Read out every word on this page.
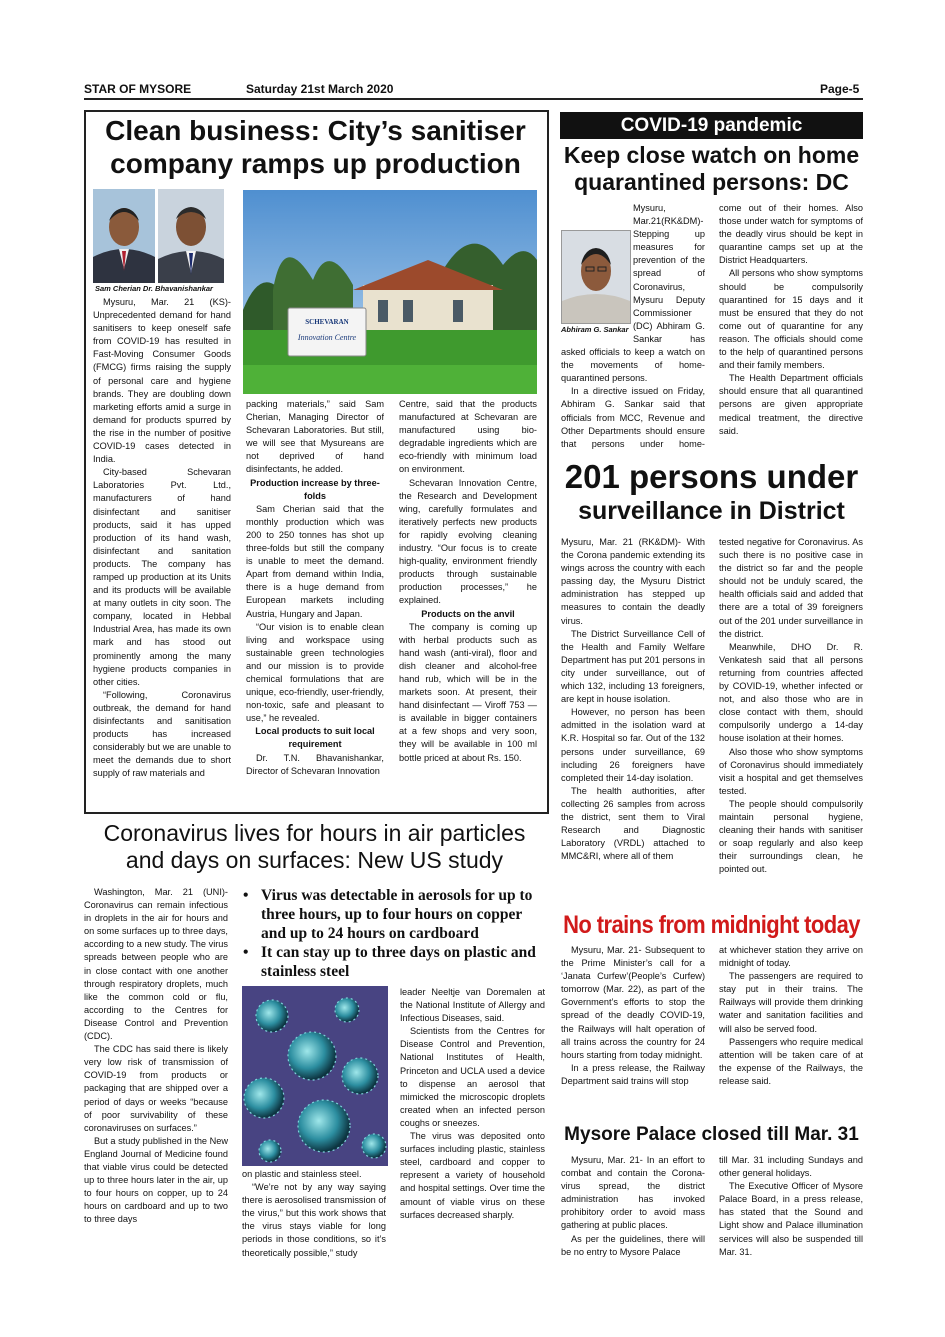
STAR OF MYSORE	Saturday 21st March 2020	Page-5
Clean business: City’s sanitiser
company ramps up production
Sam Cherian Dr. Bhavanishankar
SCHEVARAN
Innovation Centre

Mysuru, Mar. 21 (KS)- Unprecedented demand for hand sanitisers to keep oneself safe from COVID-19 has resulted in Fast-Moving Consumer Goods (FMCG) firms raising the supply of personal care and hygiene brands. They are doubling down marketing efforts amid a surge in demand for products spurred by the rise in the number of positive COVID-19 cases detected in India.

City-based Schevaran Laboratories Pvt. Ltd., manufacturers of hand disinfectant and sanitiser products, said it has upped production of its hand wash, disinfectant and sanitation products. The company has ramped up production at its Units and its products will be available at many outlets in city soon. The company, located in Hebbal Industrial Area, has made its own mark and has stood out prominently among the many hygiene products companies in other cities.

“Following, Coronavirus outbreak, the demand for hand disinfectants and sanitisation products has increased considerably but we are unable to meet the demands due to short supply of raw materials and

packing materials,” said Sam Cherian, Managing Director of Schevaran Laboratories. But still, we will see that Mysureans are not deprived of hand disinfectants, he added.

Production increase by three-folds

Sam Cherian said that the monthly production which was 200 to 250 tonnes has shot up three-folds but still the company is unable to meet the demand. Apart from demand within India, there is a huge demand from European markets including Austria, Hungary and Japan.

“Our vision is to enable clean living and workspace using sustainable green technologies and our mission is to provide chemical formulations that are unique, eco-friendly, user-friendly, non-toxic, safe and pleasant to use,” he revealed.

Local products to suit local requirement

Dr. T.N. Bhavanishankar, Director of Schevaran Innovation

Centre, said that the products manufactured at Schevaran are manufactured using bio-degradable ingredients which are eco-friendly with minimum load on environment.

Schevaran Innovation Centre, the Research and Development wing, carefully formulates and iteratively perfects new products for rapidly evolving cleaning industry. “Our focus is to create high-quality, environment friendly products through sustainable production processes,” he explained.

Products on the anvil

The company is coming up with herbal products such as hand wash (anti-viral), floor and dish cleaner and alcohol-free hand rub, which will be in the markets soon. At present, their hand disinfectant — Viroff 753 — is available in bigger containers at a few shops and very soon, they will be available in 100 ml bottle priced at about Rs. 150.

COVID-19 pandemic
Keep close watch on home
quarantined persons: DC
Abhiram G. Sankar

Mysuru, Mar.21(RK&DM)- Stepping up measures for prevention of the spread of Coronavirus, Mysuru Deputy Commissioner (DC) Abhiram G. Sankar has asked officials to keep a watch on the movements of home-quarantined persons.

In a directive issued on Friday, Abhiram G. Sankar said that officials from MCC, Revenue and Other Departments should ensure that persons under home-

come out of their homes. Also those under watch for symptoms of the deadly virus should be kept in quarantine camps set up at the District Headquarters.

All persons who show symptoms should be compulsorily quarantined for 15 days and it must be ensured that they do not come out of quarantine for any reason. The officials should come to the help of quarantined persons and their family members.

The Health Department officials should ensure that all quarantined persons are given appropriate medical treatment, the directive said.

201 persons under
surveillance in District

Mysuru, Mar. 21 (RK&DM)- With the Corona pandemic extending its wings across the country with each passing day, the Mysuru District administration has stepped up measures to contain the deadly virus.

The District Surveillance Cell of the Health and Family Welfare Department has put 201 persons in city under surveillance, out of which 132, including 13 foreigners, are kept in house isolation.

However, no person has been admitted in the isolation ward at K.R. Hospital so far. Out of the 132 persons under surveillance, 69 including 26 foreigners have completed their 14-day isolation.

The health authorities, after collecting 26 samples from across the district, sent them to Viral Research and Diagnostic Laboratory (VRDL) attached to MMC&RI, where all of them

tested negative for Coronavirus. As such there is no positive case in the district so far and the people should not be unduly scared, the health officials said and added that there are a total of 39 foreigners out of the 201 under surveillance in the district.

Meanwhile, DHO Dr. R. Venkatesh said that all persons returning from countries affected by COVID-19, whether infected or not, and also those who are in close contact with them, should compulsorily undergo a 14-day house isolation at their homes.

Also those who show symptoms of Coronavirus should immediately visit a hospital and get themselves tested.

The people should compulsorily maintain personal hygiene, cleaning their hands with sanitiser or soap regularly and also keep their surroundings clean, he pointed out.

Coronavirus lives for hours in air particles
and days on surfaces: New US study

Washington, Mar. 21 (UNI)- Coronavirus can remain infectious in droplets in the air for hours and on some surfaces up to three days, according to a new study. The virus spreads between people who are in close contact with one another through respiratory droplets, much like the common cold or flu, according to the Centres for Disease Control and Prevention (CDC).

The CDC has said there is likely very low risk of transmission of COVID-19 from products or packaging that are shipped over a period of days or weeks “because of poor survivability of these coronaviruses on surfaces.”

But a study published in the New England Journal of Medicine found that viable virus could be detected up to three hours later in the air, up to four hours on copper, up to 24 hours on cardboard and up to two to three days

• Virus was detectable in aerosols for up to three hours, up to four hours on copper and up to 24 hours on cardboard
• It can stay up to three days on plastic and stainless steel

on plastic and stainless steel.

“We’re not by any way saying there is aerosolised transmission of the virus,” but this work shows that the virus stays viable for long periods in those conditions, so it’s theoretically possible,” study

leader Neeltje van Doremalen at the National Institute of Allergy and Infectious Diseases, said.

Scientists from the Centres for Disease Control and Prevention, National Institutes of Health, Princeton and UCLA used a device to dispense an aerosol that mimicked the microscopic droplets created when an infected person coughs or sneezes.

The virus was deposited onto surfaces including plastic, stainless steel, cardboard and copper to represent a variety of household and hospital settings. Over time the amount of viable virus on these surfaces decreased sharply.

No trains from midnight today

Mysuru, Mar. 21- Subsequent to the Prime Minister’s call for a ‘Janata Curfew’(People’s Curfew) tomorrow (Mar. 22), as part of the Government’s efforts to stop the spread of the deadly COVID-19, the Railways will halt operation of all trains across the country for 24 hours starting from today midnight.

In a press release, the Railway Department said trains will stop

at whichever station they arrive on midnight of today.

The passengers are required to stay put in their trains. The Railways will provide them drinking water and sanitation facilities and will also be served food.

Passengers who require medical attention will be taken care of at the expense of the Railways, the release said.

Mysore Palace closed till Mar. 31

Mysuru, Mar. 21- In an effort to combat and contain the Corona-virus spread, the district administration has invoked prohibitory order to avoid mass gathering at public places.

As per the guidelines, there will be no entry to Mysore Palace

till Mar. 31 including Sundays and other general holidays.

The Executive Officer of Mysore Palace Board, in a press release, has stated that the Sound and Light show and Palace illumination services will also be suspended till Mar. 31.
